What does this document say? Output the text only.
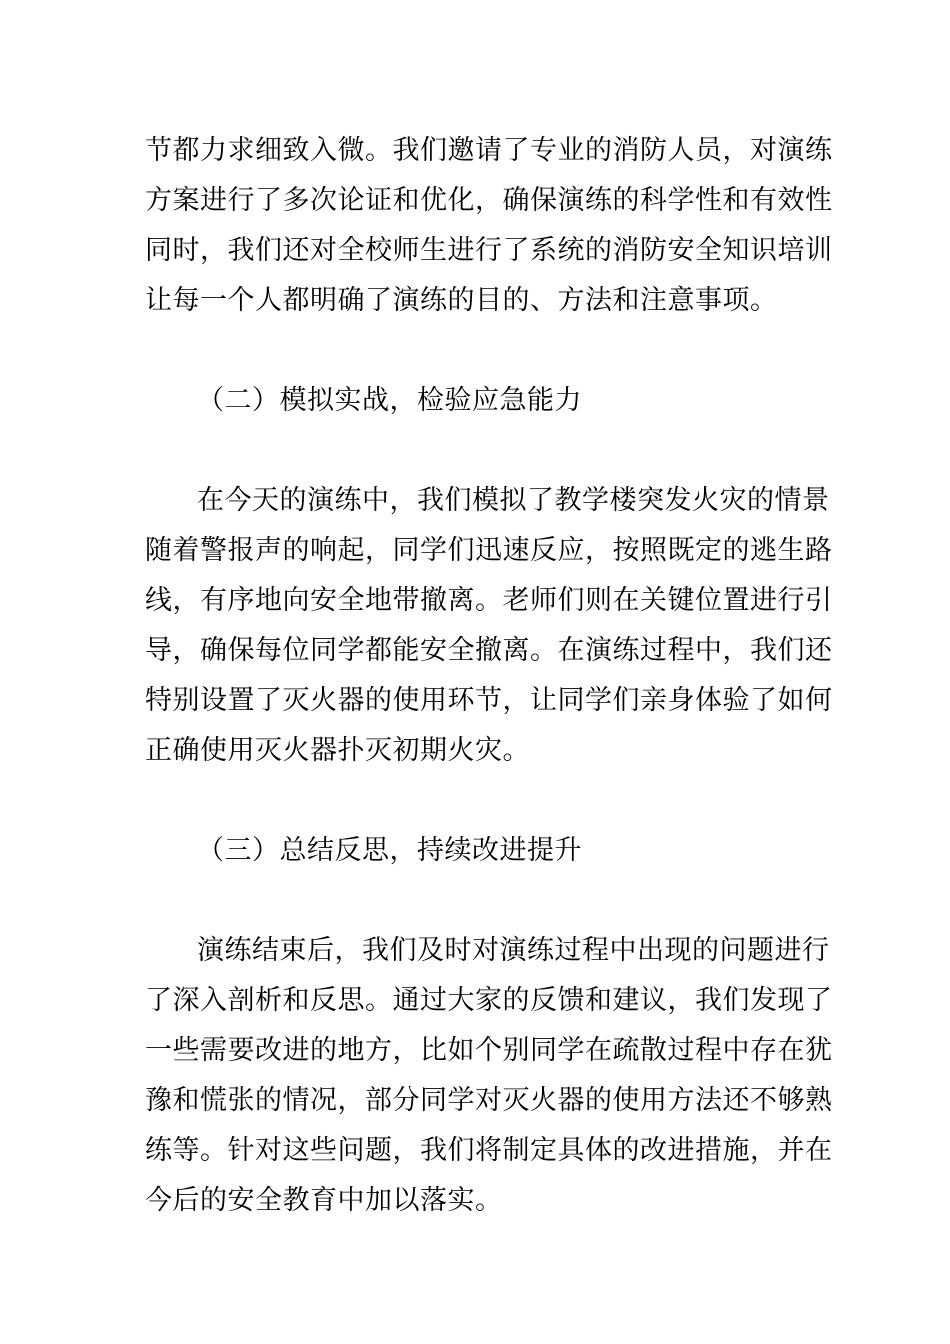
节都力求细致入微。我们邀请了专业的消防人员，对演练
方案进行了多次论证和优化，确保演练的科学性和有效性
同时，我们还对全校师生进行了系统的消防安全知识培训
让每一个人都明确了演练的目的、方法和注意事项。
（二）模拟实战，检验应急能力
在今天的演练中，我们模拟了教学楼突发火灾的情景
随着警报声的响起，同学们迅速反应，按照既定的逃生路
线，有序地向安全地带撤离。老师们则在关键位置进行引
导，确保每位同学都能安全撤离。在演练过程中，我们还
特别设置了灭火器的使用环节，让同学们亲身体验了如何
正确使用灭火器扑灭初期火灾。
（三）总结反思，持续改进提升
演练结束后，我们及时对演练过程中出现的问题进行
了深入剖析和反思。通过大家的反馈和建议，我们发现了
一些需要改进的地方，比如个别同学在疏散过程中存在犹
豫和慌张的情况，部分同学对灭火器的使用方法还不够熟
练等。针对这些问题，我们将制定具体的改进措施，并在
今后的安全教育中加以落实。
